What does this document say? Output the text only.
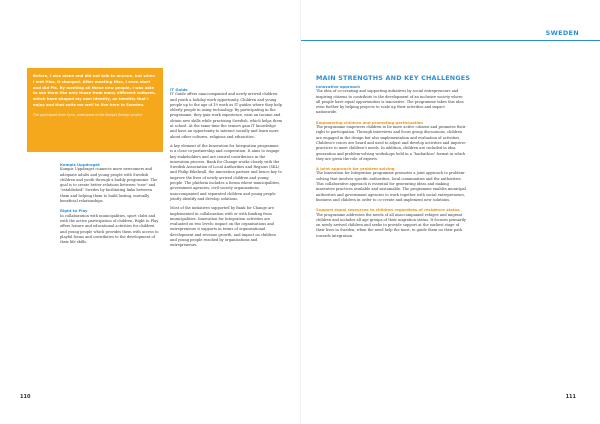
Before, I was alone and did not talk to anyone, but when I met Hiss, it changed. After meeting Hiss, I even start and did PIs. By meeting all these new people, I was able to see them like only those from many different cultures, which have shaped my own identity, an identity that I enjoy and that suits me well to live here in Sweden.

The participant from Syria, participant of the Kompis Sverige project

Kompis Uppdraget

Kompis Uppdraget connects more newcomers and adequate adults and young people with Swedish children and youth through a buddy programme. The goal is to create better relations between "new" and "established" Swedes by facilitating links between them and helping them to build lasting, mutually beneficial relationships.

Right to Play

In collaboration with municipalities, sport clubs and with the active participation of children, Right to Play offers leisure and educational activities for children and young people which provides them with access to playful forms and contributes to the development of their life skills.

IT Guide

IT Guide offers unaccompanied and newly arrived children and youth a holiday work opportunity. Children and young people up to the age of 19 work as IT guides where they help elderly people in using technology. By participating in the programme, they gain work experience, earn an income and obtain new skills while practising Swedish, which helps them at school. At the same time the seniors gain IT knowledge and have an opportunity to interact socially and learn more about other cultures, religions and ethnicities.

A key element of the Innovation for Integration programme is a close co-partnership and cooperation. It aims to engage key stakeholders and are central contributors in the innovation process. Bank for Change works closely with the Swedish Association of Local Authorities and Regions (SKL) and Philip Eikelwall, the innovation partner and hence key to improve the lives of newly arrived children and young people. The platform includes a forum where municipalities, government agencies, civil society organisations, unaccompanied and separated children and young people jointly identify and develop solutions.

Most of the initiatives supported by Bank for Change are implemented in collaboration with or with funding from municipalities. Innovation for Integration activities are evaluated on two levels: impact on the organisations and entrepreneurs it supports in terms of organisational development and revenue growth, and impact on children and young people reached by organisations and entrepreneurs.

110
SWEDEN
MAIN STRENGTHS AND KEY CHALLENGES
Innovative approach

The idea of co-creating and supporting initiatives by social entrepreneurs and inspiring citizens to contribute to the development of an inclusive society where all people have equal opportunities is innovative. The programme takes this idea even further by helping projects to scale up their activities and impact nationwide.

Empowering children and promoting participation

The programme empowers children to be more active citizens and promotes their right to participation. Through interviews and focus group discussions, children are engaged in the design but also implementation and evaluation of activities. Children's voices are heard and used to adjust and develop activities and improve practices to meet children's needs. In addition, children are included in idea generation and problem-solving workshops held in a "hackathon" format in which they are given the role of experts.

A joint approach for problem solving

The Innovation for Integration programme promotes a joint approach to problem-solving that involves specific authorities, local communities and the authorities. This collaborative approach is essential for generating ideas and making innovative practices available and sustainable. The programme enables municipal authorities and government agencies to work together with social entrepreneurs, business and children in order to co-create and implement new solutions.

Support equal resources to children regardless of residence status

The programme addresses the needs of all unaccompanied refugee and migrant children and includes all age groups of their migration status. It focuses primarily on newly arrived children and seeks to provide support at the earliest stage of their lives in Sweden, when the need help the most, to guide them on their path towards integration.

111
